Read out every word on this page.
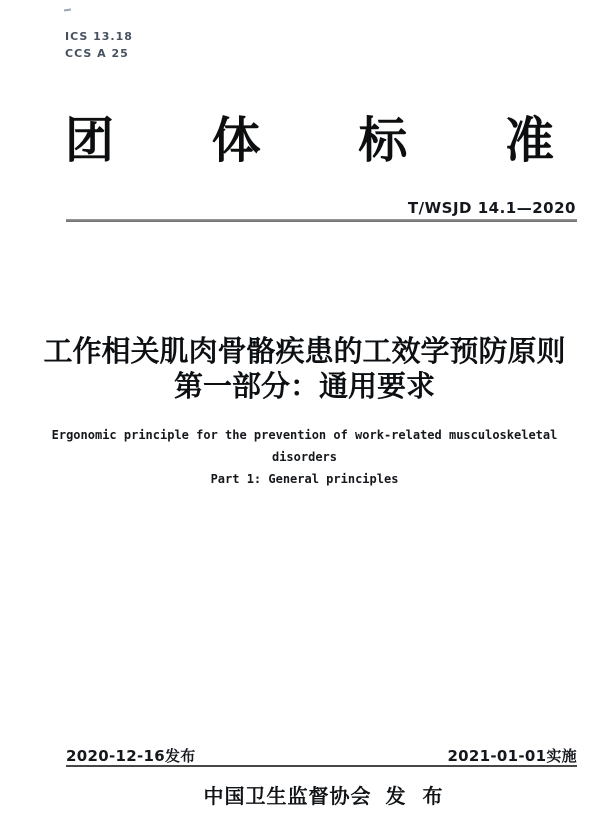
ICS 13.18
CCS A 25
团 体 标 准
T/WSJD 14.1—2020
工作相关肌肉骨骼疾患的工效学预防原则
第一部分：通用要求
Ergonomic principle for the prevention of work-related musculoskeletal
disorders
Part 1: General principles
2020-12-16发布	2021-01-01实施
中国卫生监督协会 发 布
